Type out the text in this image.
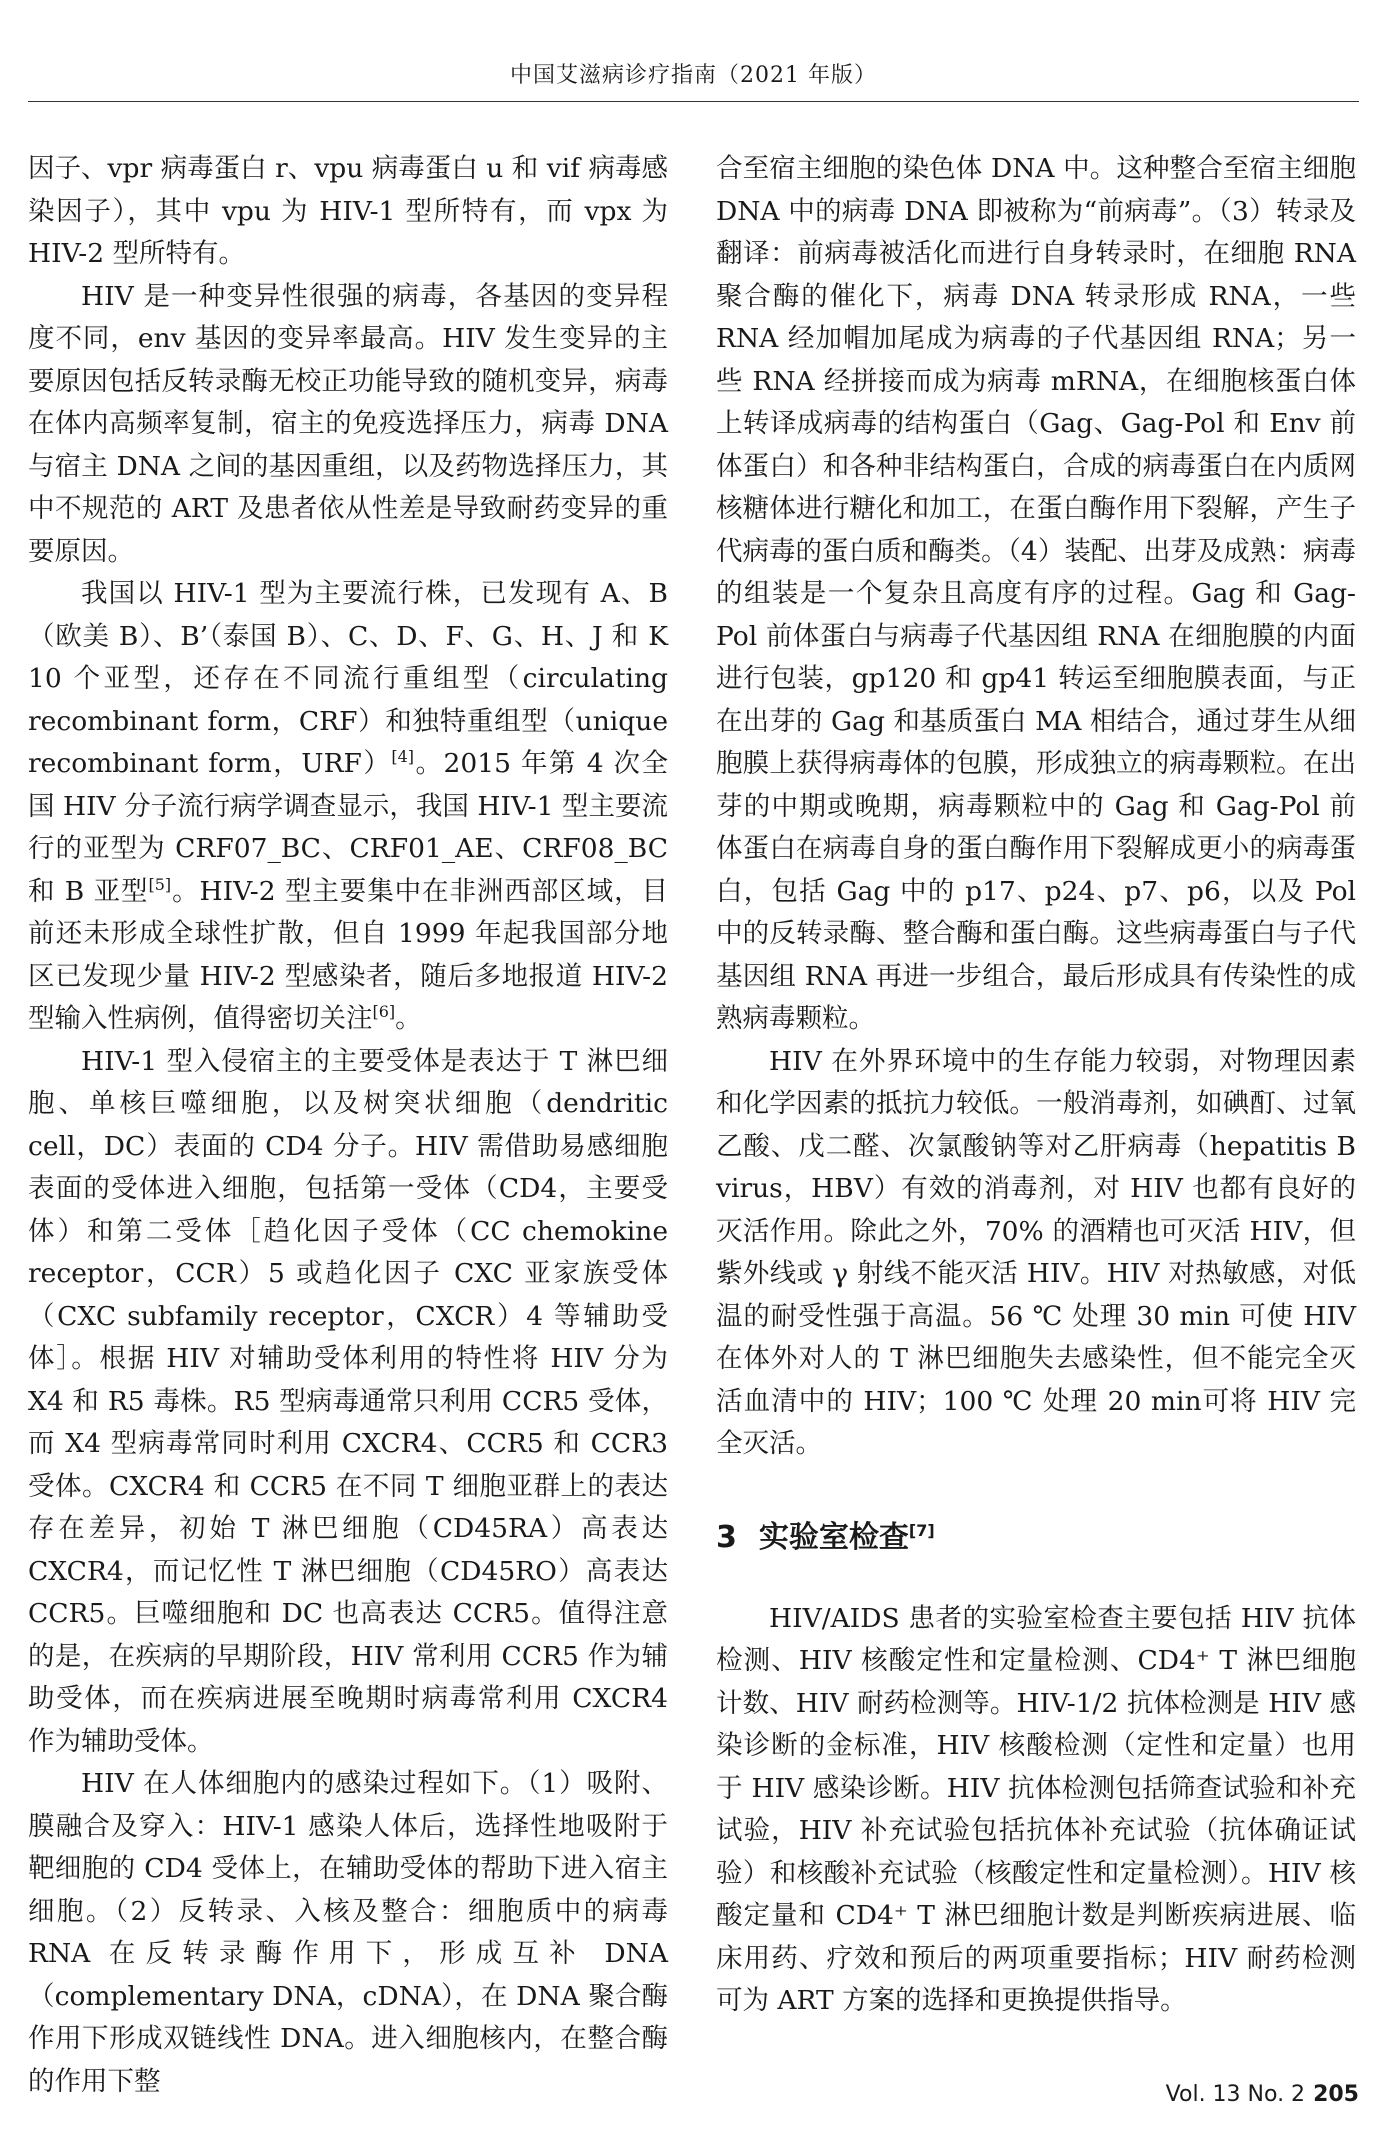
中国艾滋病诊疗指南（2021 年版）

因子、vpr 病毒蛋白 r、vpu 病毒蛋白 u 和 vif 病毒感染因子），其中 vpu 为 HIV-1 型所特有，而 vpx 为 HIV-2 型所特有。

HIV 是一种变异性很强的病毒，各基因的变异程度不同，env 基因的变异率最高。HIV 发生变异的主要原因包括反转录酶无校正功能导致的随机变异，病毒在体内高频率复制，宿主的免疫选择压力，病毒 DNA 与宿主 DNA 之间的基因重组，以及药物选择压力，其中不规范的 ART 及患者依从性差是导致耐药变异的重要原因。

我国以 HIV-1 型为主要流行株，已发现有 A、B（欧美 B）、B’（泰国 B）、C、D、F、G、H、J 和 K 10 个亚型，还存在不同流行重组型（circulating recombinant form，CRF）和独特重组型（unique recombinant form，URF）[4]。2015 年第 4 次全国 HIV 分子流行病学调查显示，我国 HIV-1 型主要流行的亚型为 CRF07_BC、CRF01_AE、CRF08_BC 和 B 亚型[5]。HIV-2 型主要集中在非洲西部区域，目前还未形成全球性扩散，但自 1999 年起我国部分地区已发现少量 HIV-2 型感染者，随后多地报道 HIV-2 型输入性病例，值得密切关注[6]。

HIV-1 型入侵宿主的主要受体是表达于 T 淋巴细胞、单核巨噬细胞，以及树突状细胞（dendritic cell，DC）表面的 CD4 分子。HIV 需借助易感细胞表面的受体进入细胞，包括第一受体（CD4，主要受体）和第二受体［趋化因子受体（CC chemokine receptor，CCR）5 或趋化因子 CXC 亚家族受体（CXC subfamily receptor，CXCR）4 等辅助受体］。根据 HIV 对辅助受体利用的特性将 HIV 分为 X4 和 R5 毒株。R5 型病毒通常只利用 CCR5 受体，而 X4 型病毒常同时利用 CXCR4、CCR5 和 CCR3 受体。CXCR4 和 CCR5 在不同 T 细胞亚群上的表达存在差异，初始 T 淋巴细胞（CD45RA）高表达 CXCR4，而记忆性 T 淋巴细胞（CD45RO）高表达 CCR5。巨噬细胞和 DC 也高表达 CCR5。值得注意的是，在疾病的早期阶段，HIV 常利用 CCR5 作为辅助受体，而在疾病进展至晚期时病毒常利用 CXCR4 作为辅助受体。

HIV 在人体细胞内的感染过程如下。（1）吸附、膜融合及穿入：HIV-1 感染人体后，选择性地吸附于靶细胞的 CD4 受体上，在辅助受体的帮助下进入宿主细胞。（2）反转录、入核及整合：细胞质中的病毒 RNA 在反转录酶作用下，形成互补 DNA（complementary DNA，cDNA），在 DNA 聚合酶作用下形成双链线性 DNA。进入细胞核内，在整合酶的作用下整

合至宿主细胞的染色体 DNA 中。这种整合至宿主细胞 DNA 中的病毒 DNA 即被称为“前病毒”。（3）转录及翻译：前病毒被活化而进行自身转录时，在细胞 RNA 聚合酶的催化下，病毒 DNA 转录形成 RNA，一些 RNA 经加帽加尾成为病毒的子代基因组 RNA；另一些 RNA 经拼接而成为病毒 mRNA，在细胞核蛋白体上转译成病毒的结构蛋白（Gag、Gag-Pol 和 Env 前体蛋白）和各种非结构蛋白，合成的病毒蛋白在内质网核糖体进行糖化和加工，在蛋白酶作用下裂解，产生子代病毒的蛋白质和酶类。（4）装配、出芽及成熟：病毒的组装是一个复杂且高度有序的过程。Gag 和 Gag-Pol 前体蛋白与病毒子代基因组 RNA 在细胞膜的内面进行包装，gp120 和 gp41 转运至细胞膜表面，与正在出芽的 Gag 和基质蛋白 MA 相结合，通过芽生从细胞膜上获得病毒体的包膜，形成独立的病毒颗粒。在出芽的中期或晚期，病毒颗粒中的 Gag 和 Gag-Pol 前体蛋白在病毒自身的蛋白酶作用下裂解成更小的病毒蛋白，包括 Gag 中的 p17、p24、p7、p6，以及 Pol 中的反转录酶、整合酶和蛋白酶。这些病毒蛋白与子代基因组 RNA 再进一步组合，最后形成具有传染性的成熟病毒颗粒。

HIV 在外界环境中的生存能力较弱，对物理因素和化学因素的抵抗力较低。一般消毒剂，如碘酊、过氧乙酸、戊二醛、次氯酸钠等对乙肝病毒（hepatitis B virus，HBV）有效的消毒剂，对 HIV 也都有良好的灭活作用。除此之外，70% 的酒精也可灭活 HIV，但紫外线或 γ 射线不能灭活 HIV。HIV 对热敏感，对低温的耐受性强于高温。56 ℃ 处理 30 min 可使 HIV 在体外对人的 T 淋巴细胞失去感染性，但不能完全灭活血清中的 HIV；100 ℃ 处理 20 min可将 HIV 完全灭活。

3 实验室检查[7]

HIV/AIDS 患者的实验室检查主要包括 HIV 抗体检测、HIV 核酸定性和定量检测、CD4⁺ T 淋巴细胞计数、HIV 耐药检测等。HIV-1/2 抗体检测是 HIV 感染诊断的金标准，HIV 核酸检测（定性和定量）也用于 HIV 感染诊断。HIV 抗体检测包括筛查试验和补充试验，HIV 补充试验包括抗体补充试验（抗体确证试验）和核酸补充试验（核酸定性和定量检测）。HIV 核酸定量和 CD4⁺ T 淋巴细胞计数是判断疾病进展、临床用药、疗效和预后的两项重要指标；HIV 耐药检测可为 ART 方案的选择和更换提供指导。

Vol. 13 No. 2 205
